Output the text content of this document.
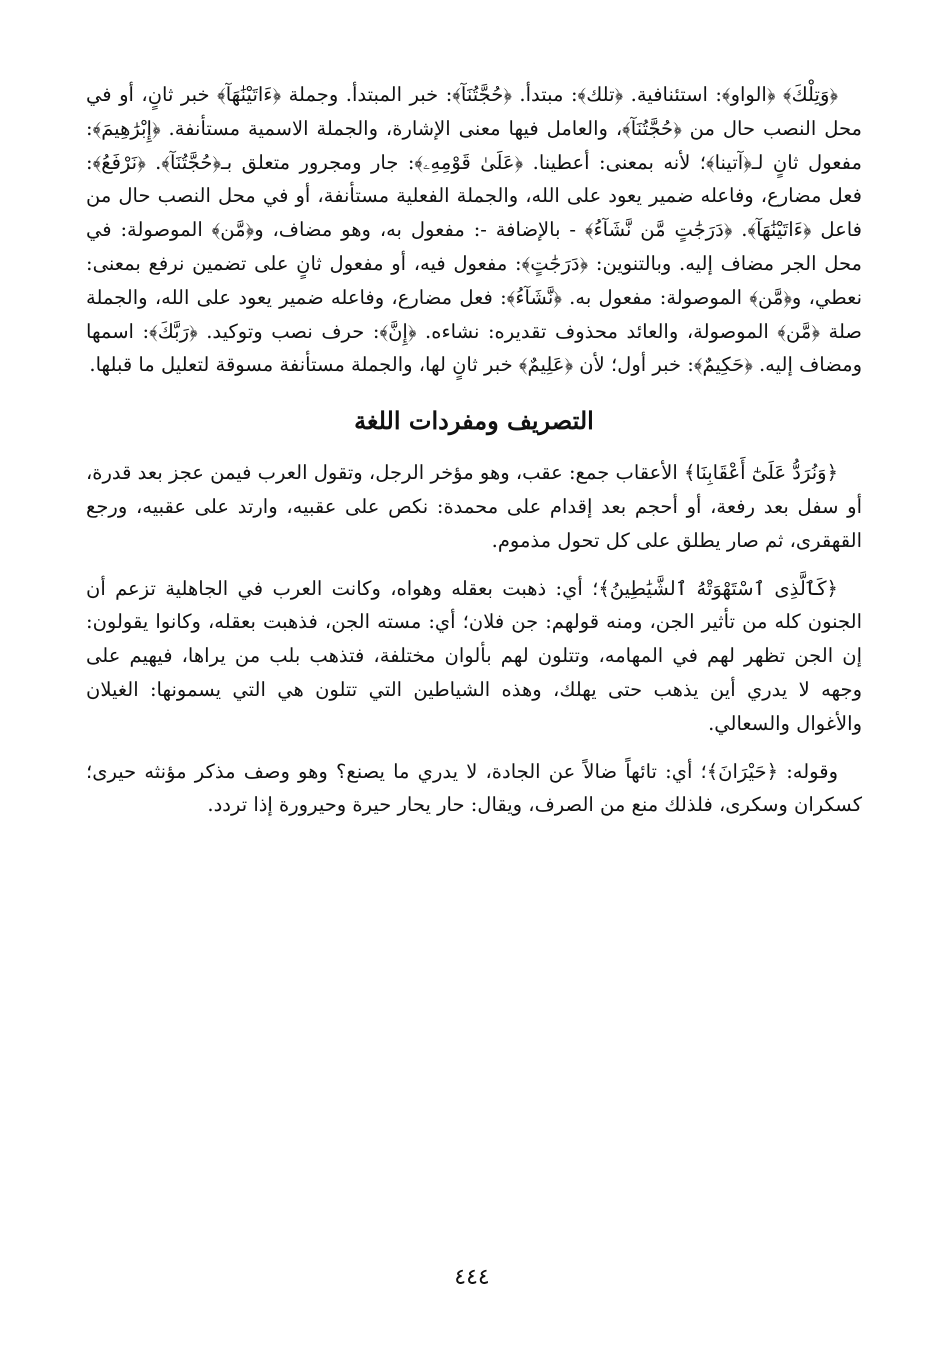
﴿وَتِلْكَ﴾ ﴿الواو﴾: استئنافية. ﴿تلك﴾: مبتدأ. ﴿حُجَّتُنَآ﴾: خبر المبتدأ. وجملة ﴿ءَاتَيْنَٰهَآ﴾ خبر ثانٍ، أو في محل النصب حال من ﴿حُجَّتُنَآ﴾، والعامل فيها معنى الإشارة، والجملة الاسمية مستأنفة. ﴿إِبْرَٰهِيمَ﴾: مفعول ثانٍ لـ﴿آتينا﴾؛ لأنه بمعنى: أعطينا. ﴿عَلَىٰ قَوْمِهِۦ﴾: جار ومجرور متعلق بـ﴿حُجَّتُنَآ﴾. ﴿نَرْفَعُ﴾: فعل مضارع، وفاعله ضمير يعود على الله، والجملة الفعلية مستأنفة، أو في محل النصب حال من فاعل ﴿ءَاتَيْنَٰهَآ﴾. ﴿دَرَجَٰتٍ مَّن نَّشَآءُ﴾ - بالإضافة -: مفعول به، وهو مضاف، و﴿مَّن﴾ الموصولة: في محل الجر مضاف إليه. وبالتنوين: ﴿دَرَجَٰتٍ﴾: مفعول فيه، أو مفعول ثانٍ على تضمين نرفع بمعنى: نعطي، و﴿مَّن﴾ الموصولة: مفعول به. ﴿نَّشَآءُ﴾: فعل مضارع، وفاعله ضمير يعود على الله، والجملة صلة ﴿مَّن﴾ الموصولة، والعائد محذوف تقديره: نشاءه. ﴿إِنَّ﴾: حرف نصب وتوكيد. ﴿رَبَّكَ﴾: اسمها ومضاف إليه. ﴿حَكِيمٌ﴾: خبر أول؛ لأن ﴿عَلِيمٌ﴾ خبر ثانٍ لها، والجملة مستأنفة مسوقة لتعليل ما قبلها.

التصريف ومفردات اللغة

﴿وَنُرَدُّ عَلَىٰٓ أَعْقَابِنَا﴾ الأعقاب جمع: عقب، وهو مؤخر الرجل، وتقول العرب فيمن عجز بعد قدرة، أو سفل بعد رفعة، أو أحجم بعد إقدام على محمدة: نكص على عقبيه، وارتد على عقبيه، ورجع القهقرى، ثم صار يطلق على كل تحول مذموم.

﴿كَٱلَّذِى ٱسْتَهْوَتْهُ ٱلشَّيَٰطِينُ﴾؛ أي: ذهبت بعقله وهواه، وكانت العرب في الجاهلية تزعم أن الجنون كله من تأثير الجن، ومنه قولهم: جن فلان؛ أي: مسته الجن، فذهبت بعقله، وكانوا يقولون: إن الجن تظهر لهم في المهامه، وتتلون لهم بألوان مختلفة، فتذهب بلب من يراها، فيهيم على وجهه لا يدري أين يذهب حتى يهلك، وهذه الشياطين التي تتلون هي التي يسمونها: الغيلان والأغوال والسعالي.

وقوله: ﴿حَيْرَانَ﴾؛ أي: تائهاً ضالاً عن الجادة، لا يدري ما يصنع؟ وهو وصف مذكر مؤنثه حيرى؛ كسكران وسكرى، فلذلك منع من الصرف، ويقال: حار يحار حيرة وحيرورة إذا تردد.

٤٤٤
